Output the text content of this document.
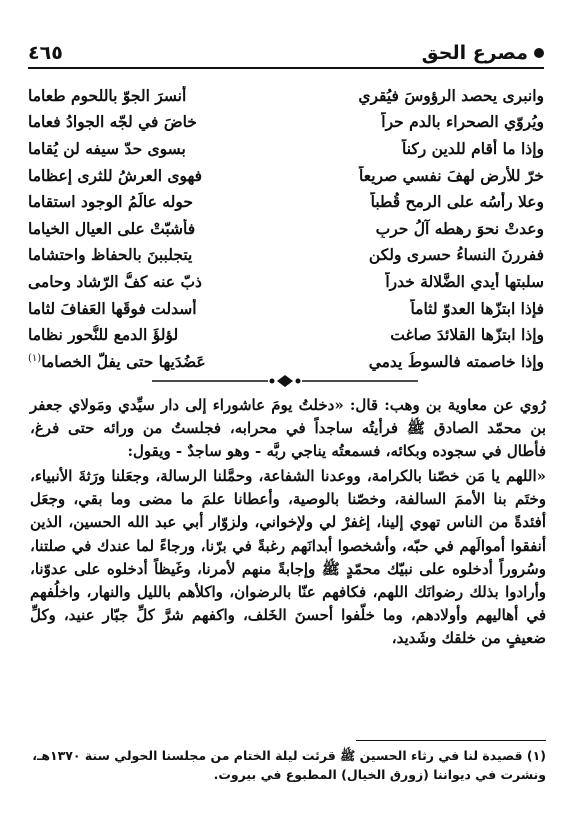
مصرع الحق
٤٦٥
وانبرى يحصد الرؤوسَ فيُقري
أنسرَ الجوّ باللحوم طعاما
ويُروّي الصحراء بالدم حراً
خاضَ في لجّه الجوادُ فعاما
وإذا ما أقام للدين ركناً
بسوى حدّ سيفه لن يُقاما
خرّ للأرض لهفَ نفسي صريعاً
فهوى العرشُ للثرى إعظاما
وعلا رأسُه على الرمح قُطباً
حوله عالَمُ الوجود استقاما
وعدتْ نحوَ رهطه آلُ حربٍ
فأشبّتْ على العيال الخياما
ففررنَ النساءُ حسرى ولكن
يتجلببنَ بالحفاظ واحتشاما
سلبتها أيدي الضَّلالة خدراً
ذبّ عنه كفُّ الرّشاد وحامى
فإذا ابتزّها العدوّ لثاماً
أسدلت فوقَها العَفافَ لثاما
وإذا ابتزّها القلائدَ صاغت
لؤلؤَ الدمع للنُّحور نظاما
وإذا خاصمته فالسوطُ يدمي
عَضُدَيها حتى يفلّ الخصاما$^{(١)}$

رُوي عن معاوية بن وهب: قال: «دخلتُ يومَ عاشوراء إلى دار سيِّدي ومَولاي جعفر بن محمّد الصادق ﷺ فرأيتُه ساجداً في محرابه، فجلستُ من ورائه حتى فرغ، فأطال في سجوده وبكائه، فسمعتُه يناجي ربَّه - وهو ساجدٌ - ويقول:

«اللهم يا مَن خصّنا بالكرامة، ووعدنا الشفاعة، وحمَّلنا الرسالة، وجعَلنا ورَثةَ الأنبياء، وختَم بنا الأممَ السالفة، وخصّنا بالوصية، وأعطانا علمَ ما مضى وما بقي، وجعَل أفئدةً من الناس تهوي إلينا، إغفرْ لي ولإخواني، ولزوّار أبي عبد الله الحسين، الذين أنفقوا أموالَهم في حبّه، وأشخصوا أبدانَهم رغبةً في برّنا، ورجاءً لما عندك في صلتنا، وسُروراً أدخلوه على نبيّك محمّدٍ ﷺ وإجابةً منهم لأمرنا، وغَيظاً أدخلوه على عدوّنا، وأرادوا بذلك رضوانَك اللهم، فكافهم عنّا بالرضوان، واكلأهم بالليل والنهار، واخلُفهم في أهاليهم وأولادهم، وما خلّفوا أحسنَ الخَلف، واكفهم شرَّ كلِّ جبّار عنيد، وكلِّ ضعيفٍ من خلقك وشَديد،

(١) قصيدة لنا في رثاء الحسين ﷺ قرئت ليلة الختام من مجلسنا الحولي سنة ١٣٧٠هـ، ونشرت في ديواننا (زورق الخيال) المطبوع في بيروت.
